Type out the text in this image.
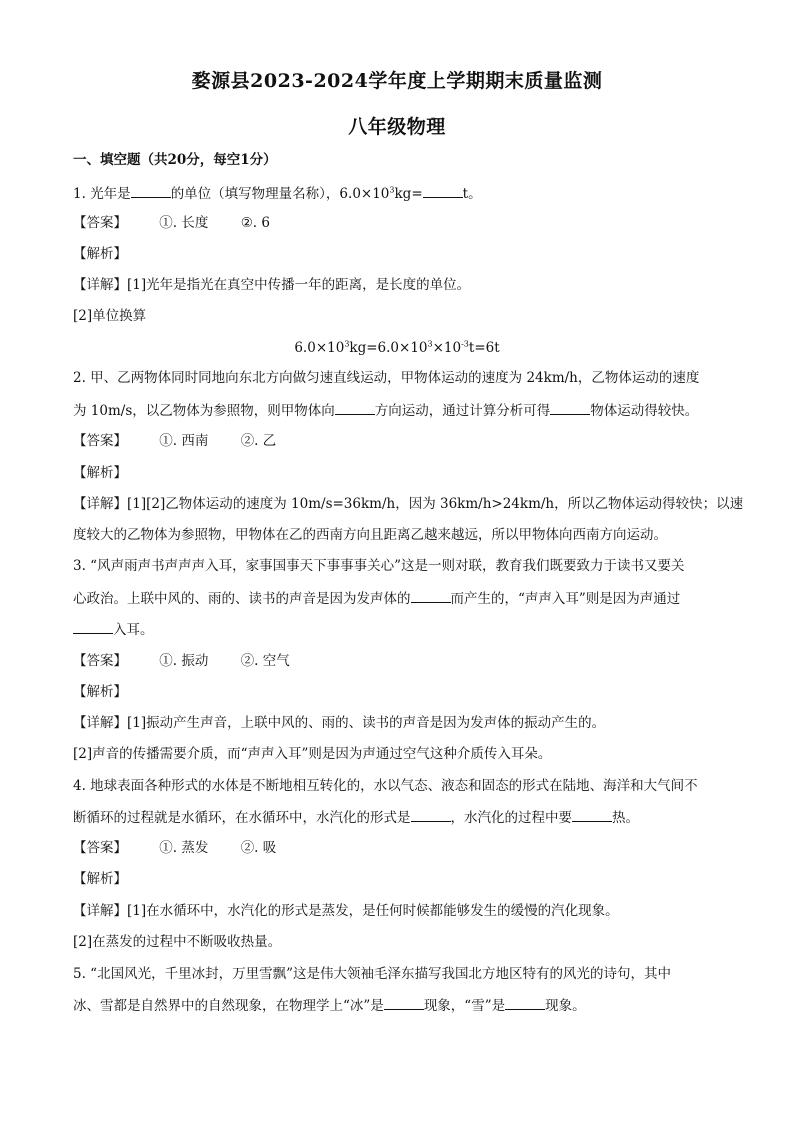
婺源县2023-2024学年度上学期期末质量监测
八年级物理
一、填空题（共20分，每空1分）
1. 光年是	的单位（填写物理量名称），$6.0\times 10^3kg=$	t。
【答案】 ①. 长度 ②. 6
【解析】
【详解】[1]光年是指光在真空中传播一年的距离，是长度的单位。
[2]单位换算
$6.0\times 10^3kg=6.0\times 10^3\times 10^{-3}t=6t$
2. 甲、乙两物体同时同地向东北方向做匀速直线运动，甲物体运动的速度为 24km/h，乙物体运动的速度
为 10m/s，以乙物体为参照物，则甲物体向	方向运动，通过计算分析可得	物体运动得较快。
【答案】 ①. 西南 ②. 乙
【解析】
【详解】[1][2]乙物体运动的速度为 10m/s=36km/h，因为 36km/h>24km/h，所以乙物体运动得较快；以速
度较大的乙物体为参照物，甲物体在乙的西南方向且距离乙越来越远，所以甲物体向西南方向运动。
3. “风声雨声书声声声入耳，家事国事天下事事事关心”这是一则对联，教育我们既要致力于读书又要关
心政治。上联中风的、雨的、读书的声音是因为发声体的	而产生的，“声声入耳”则是因为声通过
入耳。
【答案】 ①. 振动 ②. 空气
【解析】
【详解】[1]振动产生声音，上联中风的、雨的、读书的声音是因为发声体的振动产生的。
[2]声音的传播需要介质，而“声声入耳”则是因为声通过空气这种介质传入耳朵。
4. 地球表面各种形式的水体是不断地相互转化的，水以气态、液态和固态的形式在陆地、海洋和大气间不
断循环的过程就是水循环，在水循环中，水汽化的形式是	，水汽化的过程中要	热。
【答案】 ①. 蒸发 ②. 吸
【解析】
【详解】[1]在水循环中，水汽化的形式是蒸发，是任何时候都能够发生的缓慢的汽化现象。
[2]在蒸发的过程中不断吸收热量。
5. “北国风光，千里冰封，万里雪飘”这是伟大领袖毛泽东描写我国北方地区特有的风光的诗句，其中
冰、雪都是自然界中的自然现象，在物理学上“冰”是	现象，“雪”是	现象。
